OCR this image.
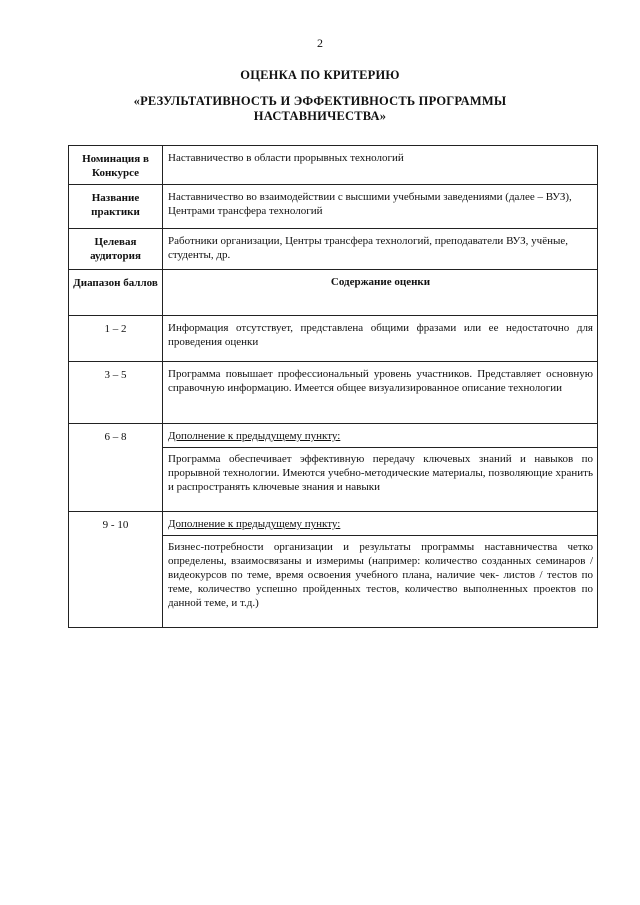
2
ОЦЕНКА ПО КРИТЕРИЮ
«РЕЗУЛЬТАТИВНОСТЬ И ЭФФЕКТИВНОСТЬ ПРОГРАММЫ
НАСТАВНИЧЕСТВА»
Номинация в Конкурсе	Наставничество в области прорывных технологий
Название практики	Наставничество во взаимодействии с высшими учебными заведениями (далее – ВУЗ), Центрами трансфера технологий
Целевая аудитория	Работники организации, Центры трансфера технологий, преподаватели ВУЗ, учёные, студенты, др.
Диапазон баллов	Содержание оценки
1 – 2	Информация отсутствует, представлена общими фразами или ее недостаточно для проведения оценки
3 – 5	Программа повышает профессиональный уровень участников. Представляет основную справочную информацию. Имеется общее визуализированное описание технологии
6 – 8	Дополнение к предыдущему пункту:
Программа обеспечивает эффективную передачу ключевых знаний и навыков по прорывной технологии. Имеются учебно-методические материалы, позволяющие хранить и распространять ключевые знания и навыки

9 - 10	Дополнение к предыдущему пункту:
Бизнес-потребности организации и результаты программы наставничества четко определены, взаимосвязаны и измеримы (например: количество созданных семинаров / видеокурсов по теме, время освоения учебного плана, наличие чек- листов / тестов по теме, количество успешно пройденных тестов, количество выполненных проектов по данной теме, и т.д.)
